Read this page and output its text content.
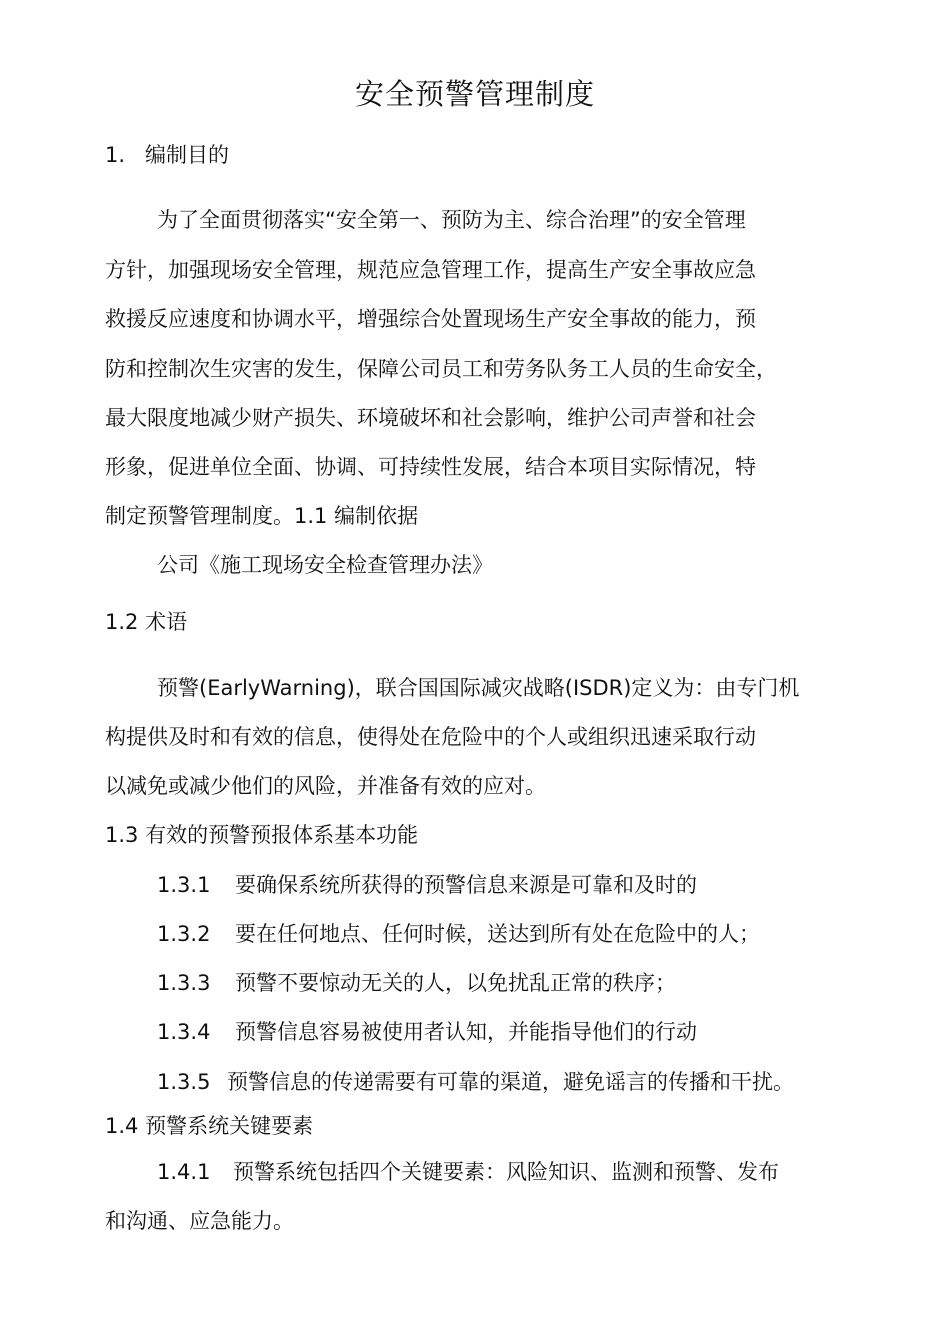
安全预警管理制度
1. 编制目的
为了全面贯彻落实“安全第一、预防为主、综合治理”的安全管理
方针，加强现场安全管理，规范应急管理工作，提高生产安全事故应急
救援反应速度和协调水平，增强综合处置现场生产安全事故的能力，预
防和控制次生灾害的发生，保障公司员工和劳务队务工人员的生命安全，
最大限度地减少财产损失、环境破坏和社会影响，维护公司声誉和社会
形象，促进单位全面、协调、可持续性发展，结合本项目实际情况，特
制定预警管理制度。1.1 编制依据
公司《施工现场安全检查管理办法》
1.2 术语
预警(EarlyWarning)，联合国国际减灾战略(ISDR)定义为：由专门机
构提供及时和有效的信息，使得处在危险中的个人或组织迅速采取行动
以减免或减少他们的风险，并准备有效的应对。
1.3 有效的预警预报体系基本功能
1.3.1 要确保系统所获得的预警信息来源是可靠和及时的
1.3.2 要在任何地点、任何时候，送达到所有处在危险中的人；
1.3.3 预警不要惊动无关的人，以免扰乱正常的秩序；
1.3.4 预警信息容易被使用者认知，并能指导他们的行动
1.3.5 预警信息的传递需要有可靠的渠道，避免谣言的传播和干扰。
1.4 预警系统关键要素
1.4.1 预警系统包括四个关键要素：风险知识、监测和预警、发布
和沟通、应急能力。
